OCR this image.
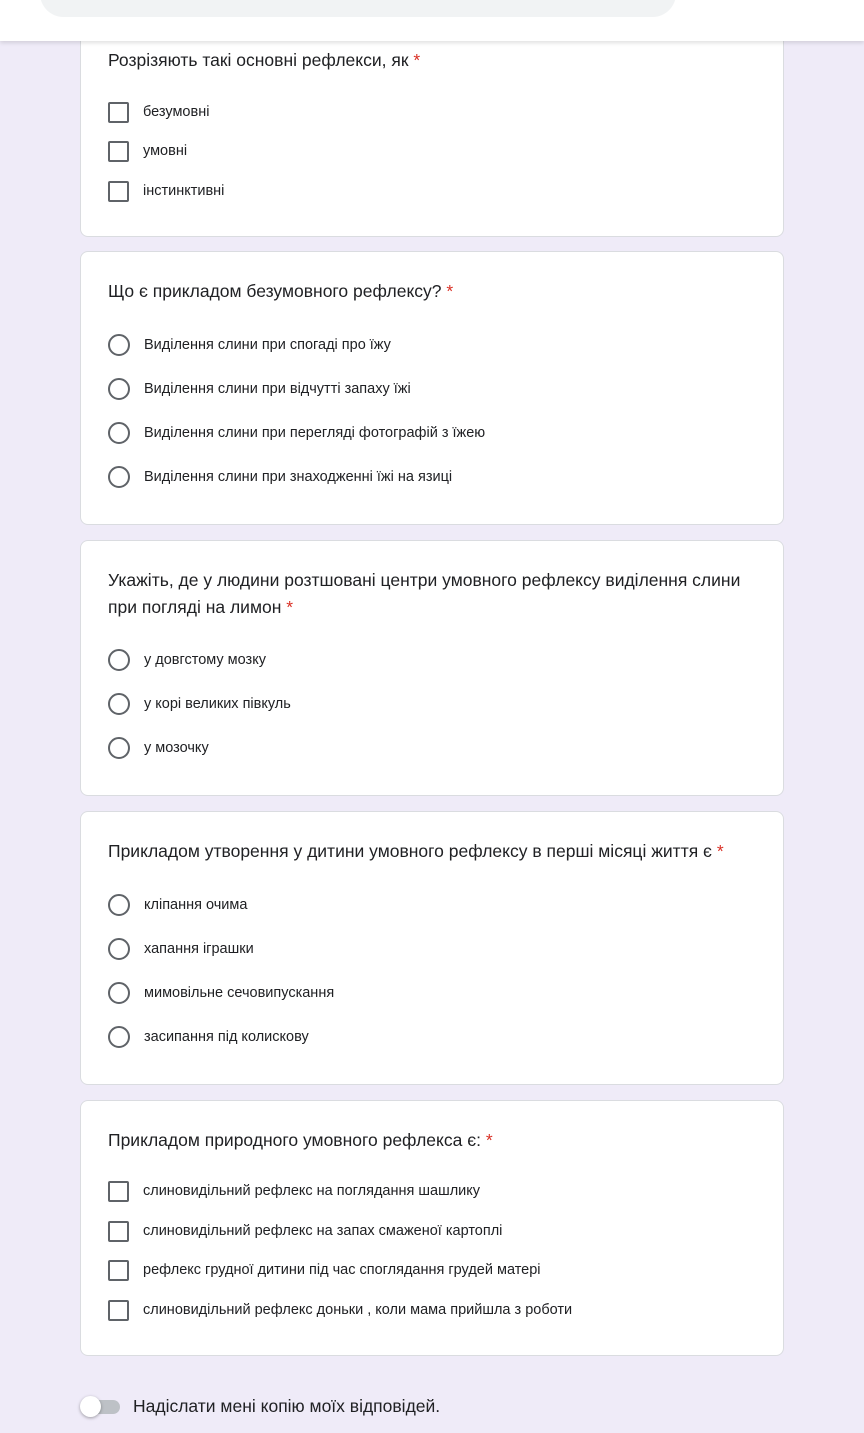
Розрізяють такі основні рефлекси, як *

безумовні
умовні
інстинктивні

Що є прикладом безумовного рефлексу? *

Виділення слини при спогаді про їжу
Виділення слини при відчутті запаху їжі
Виділення слини при перегляді фотографій з їжею
Виділення слини при знаходженні їжі на язиці

Укажіть, де у людини розтшовані центри умовного рефлексу виділення слини при погляді на лимон *

у довгстому мозку
у корі великих півкуль
у мозочку

Прикладом утворення у дитини умовного рефлексу в перші місяці життя є *

кліпання очима
хапання іграшки
мимовільне сечовипускання
засипання під колискову

Прикладом природного умовного рефлекса є: *

слиновидільний рефлекс на поглядання шашлику
слиновидільний рефлекс на запах смаженої картоплі
рефлекс грудної дитини під час споглядання грудей матері
слиновидільний рефлекс доньки , коли мама прийшла з роботи
Надіслати мені копію моїх відповідей.
